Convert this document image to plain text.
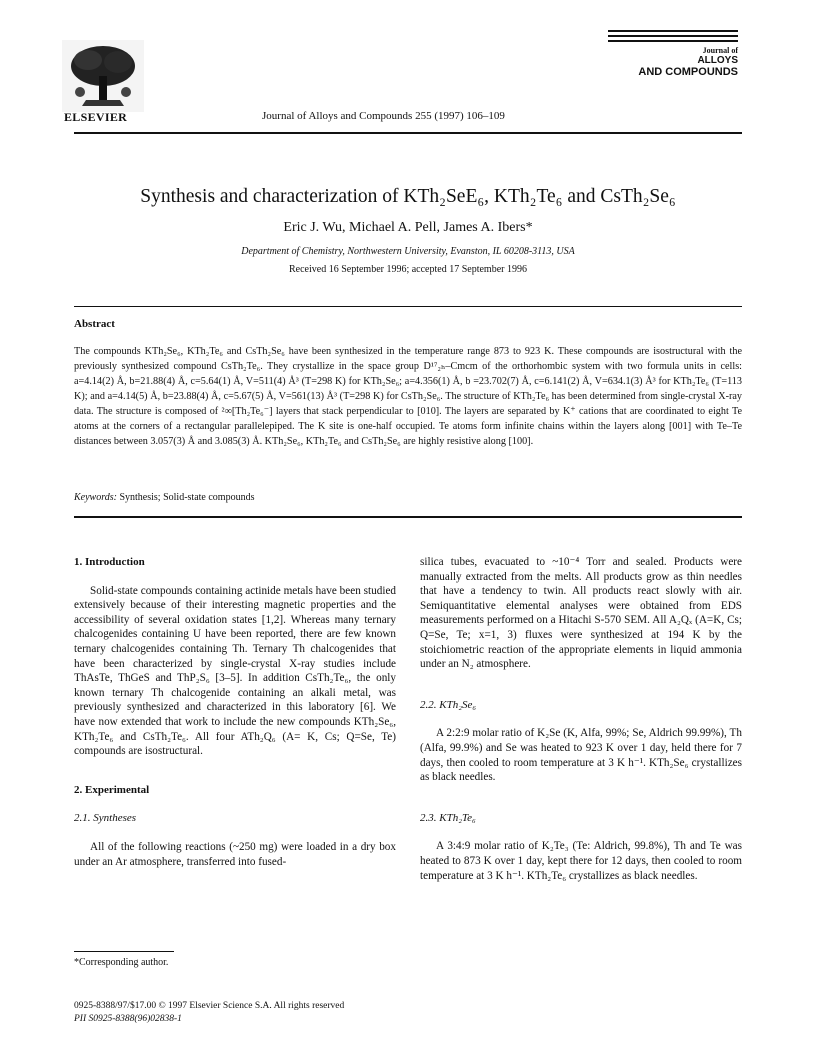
ELSEVIER	Journal of Alloys and Compounds 255 (1997) 106–109
Journal of
ALLOYS
AND COMPOUNDS
Synthesis and characterization of KTh₂SeE₆, KTh₂Te₆ and CsTh₂Se₆
Eric J. Wu, Michael A. Pell, James A. Ibers*
Department of Chemistry, Northwestern University, Evanston, IL 60208-3113, USA
Received 16 September 1996; accepted 17 September 1996
Abstract

The compounds KTh₂Se₆, KTh₂Te₆ and CsTh₂Se₆ have been synthesized in the temperature range 873 to 923 K. These compounds are isostructural with the previously synthesized compound CsTh₂Te₆. They crystallize in the space group D¹⁷₂ₕ–Cmcm of the orthorhombic system with two formula units in cells: a=4.14(2) Å, b=21.88(4) Å, c=5.64(1) Å, V=511(4) Å³ (T=298 K) for KTh₂Se₆; a=4.356(1) Å, b =23.702(7) Å, c=6.141(2) Å, V=634.1(3) Å³ for KTh₂Te₆ (T=113 K); and a=4.14(5) Å, b=23.88(4) Å, c=5.67(5) Å, V=561(13) Å³ (T=298 K) for CsTh₂Se₆. The structure of KTh₂Te₆ has been determined from single-crystal X-ray data. The structure is composed of ²∞[Th₂Te₆⁻] layers that stack perpendicular to [010]. The layers are separated by K⁺ cations that are coordinated to eight Te atoms at the corners of a rectangular parallelepiped. The K site is one-half occupied. Te atoms form infinite chains within the layers along [001] with Te–Te distances between 3.057(3) Å and 3.085(3) Å. KTh₂Se₆, KTh₂Te₆ and CsTh₂Se₆ are highly resistive along [100].

Keywords: Synthesis; Solid-state compounds
1. Introduction

Solid-state compounds containing actinide metals have been studied extensively because of their interesting magnetic properties and the accessibility of several oxidation states [1,2]. Whereas many ternary chalcogenides containing U have been reported, there are few known ternary chalcogenides containing Th. Ternary Th chalcogenides that have been characterized by single-crystal X-ray studies include ThAsTe, ThGeS and ThP₂S₆ [3–5]. In addition CsTh₂Te₆, the only known ternary Th chalcogenide containing an alkali metal, was previously synthesized and characterized in this laboratory [6]. We have now extended that work to include the new compounds KTh₂Se₆, KTh₂Te₆ and CsTh₂Te₆. All four ATh₂Q₆ (A= K, Cs; Q=Se, Te) compounds are isostructural.

2. Experimental
2.1. Syntheses

All of the following reactions (~250 mg) were loaded in a dry box under an Ar atmosphere, transferred into fused-

silica tubes, evacuated to ~10⁻⁴ Torr and sealed. Products were manually extracted from the melts. All products grow as thin needles that have a tendency to twin. All products react slowly with air. Semiquantitative elemental analyses were obtained from EDS measurements performed on a Hitachi S-570 SEM. All A₂Qₓ (A=K, Cs; Q=Se, Te; x=1, 3) fluxes were synthesized at 194 K by the stoichiometric reaction of the appropriate elements in liquid ammonia under an N₂ atmosphere.

2.2. KTh₂Se₆

A 2:2:9 molar ratio of K₂Se (K, Alfa, 99%; Se, Aldrich 99.99%), Th (Alfa, 99.9%) and Se was heated to 923 K over 1 day, held there for 7 days, then cooled to room temperature at 3 K h⁻¹. KTh₂Se₆ crystallizes as black needles.

2.3. KTh₂Te₆

A 3:4:9 molar ratio of K₂Te₃ (Te: Aldrich, 99.8%), Th and Te was heated to 873 K over 1 day, kept there for 12 days, then cooled to room temperature at 3 K h⁻¹. KTh₂Te₆ crystallizes as black needles.

*Corresponding author.
0925-8388/97/$17.00 © 1997 Elsevier Science S.A. All rights reserved
PII S0925-8388(96)02838-1
